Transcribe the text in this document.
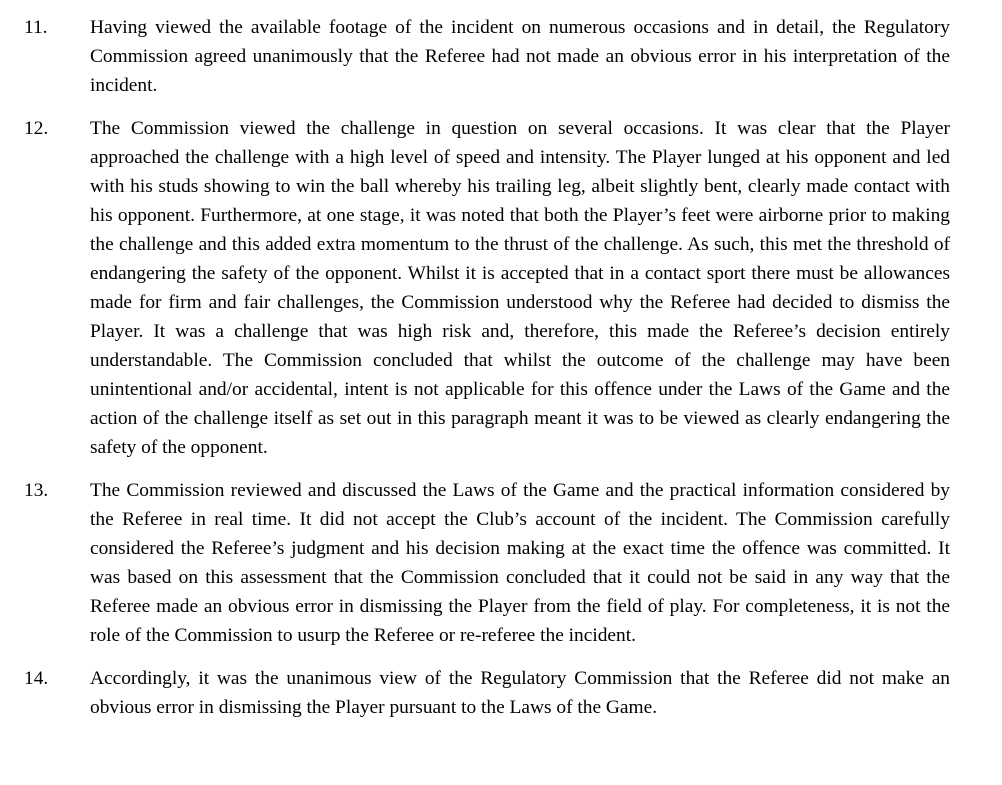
11.	Having viewed the available footage of the incident on numerous occasions and in detail, the Regulatory Commission agreed unanimously that the Referee had not made an obvious error in his interpretation of the incident.
12.	The Commission viewed the challenge in question on several occasions. It was clear that the Player approached the challenge with a high level of speed and intensity. The Player lunged at his opponent and led with his studs showing to win the ball whereby his trailing leg, albeit slightly bent, clearly made contact with his opponent. Furthermore, at one stage, it was noted that both the Player’s feet were airborne prior to making the challenge and this added extra momentum to the thrust of the challenge. As such, this met the threshold of endangering the safety of the opponent. Whilst it is accepted that in a contact sport there must be allowances made for firm and fair challenges, the Commission understood why the Referee had decided to dismiss the Player. It was a challenge that was high risk and, therefore, this made the Referee’s decision entirely understandable. The Commission concluded that whilst the outcome of the challenge may have been unintentional and/or accidental, intent is not applicable for this offence under the Laws of the Game and the action of the challenge itself as set out in this paragraph meant it was to be viewed as clearly endangering the safety of the opponent.
13.	The Commission reviewed and discussed the Laws of the Game and the practical information considered by the Referee in real time. It did not accept the Club’s account of the incident. The Commission carefully considered the Referee’s judgment and his decision making at the exact time the offence was committed. It was based on this assessment that the Commission concluded that it could not be said in any way that the Referee made an obvious error in dismissing the Player from the field of play. For completeness, it is not the role of the Commission to usurp the Referee or re-referee the incident.
14.	Accordingly, it was the unanimous view of the Regulatory Commission that the Referee did not make an obvious error in dismissing the Player pursuant to the Laws of the Game.
